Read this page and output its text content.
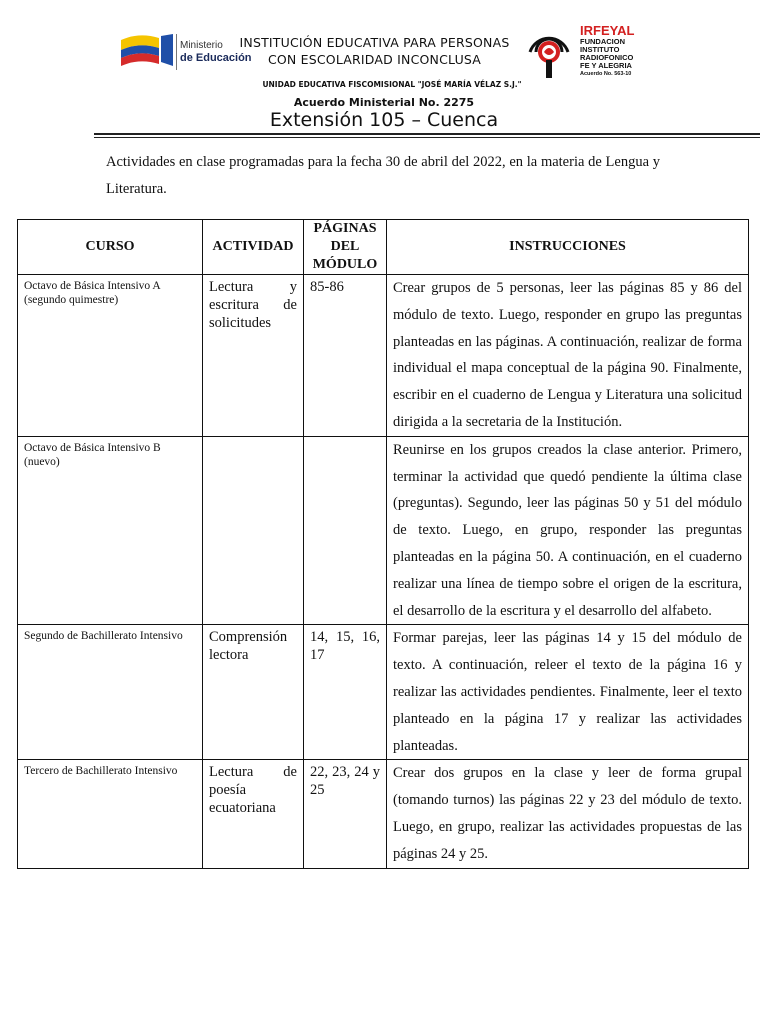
Ministerio
de Educación
INSTITUCIÓN EDUCATIVA PARA PERSONAS
CON ESCOLARIDAD INCONCLUSA
IRFEYAL
FUNDACION
INSTITUTO
RADIOFONICO
FE Y ALEGRIA
Acuerdo No. 563-10
UNIDAD EDUCATIVA FISCOMISIONAL "JOSÉ MARÍA VÉLAZ S.J."
Acuerdo Ministerial No. 2275
Extensión 105 – Cuenca
Actividades en clase programadas para la fecha 30 de abril del 2022, en la materia de Lengua y Literatura.
CURSO	ACTIVIDAD	PÁGINAS
DEL
MÓDULO	INSTRUCCIONES
Octavo de Básica Intensivo A (segundo quimestre)	Lectura y escritura de solicitudes	85-86	Crear grupos de 5 personas, leer las páginas 85 y 86 del módulo de texto. Luego, responder en grupo las preguntas planteadas en las páginas. A continuación, realizar de forma individual el mapa conceptual de la página 90. Finalmente, escribir en el cuaderno de Lengua y Literatura una solicitud dirigida a la secretaria de la Institución.
Octavo de Básica Intensivo B (nuevo)			Reunirse en los grupos creados la clase anterior. Primero, terminar la actividad que quedó pendiente la última clase (preguntas). Segundo, leer las páginas 50 y 51 del módulo de texto. Luego, en grupo, responder las preguntas planteadas en la página 50. A continuación, en el cuaderno realizar una línea de tiempo sobre el origen de la escritura, el desarrollo de la escritura y el desarrollo del alfabeto.
Segundo de Bachillerato Intensivo	Comprensión lectora	14, 15, 16, 17	Formar parejas, leer las páginas 14 y 15 del módulo de texto. A continuación, releer el texto de la página 16 y realizar las actividades pendientes. Finalmente, leer el texto planteado en la página 17 y realizar las actividades planteadas.
Tercero de Bachillerato Intensivo	Lectura de poesía ecuatoriana	22, 23, 24 y 25	Crear dos grupos en la clase y leer de forma grupal (tomando turnos) las páginas 22 y 23 del módulo de texto. Luego, en grupo, realizar las actividades propuestas de las páginas 24 y 25.
